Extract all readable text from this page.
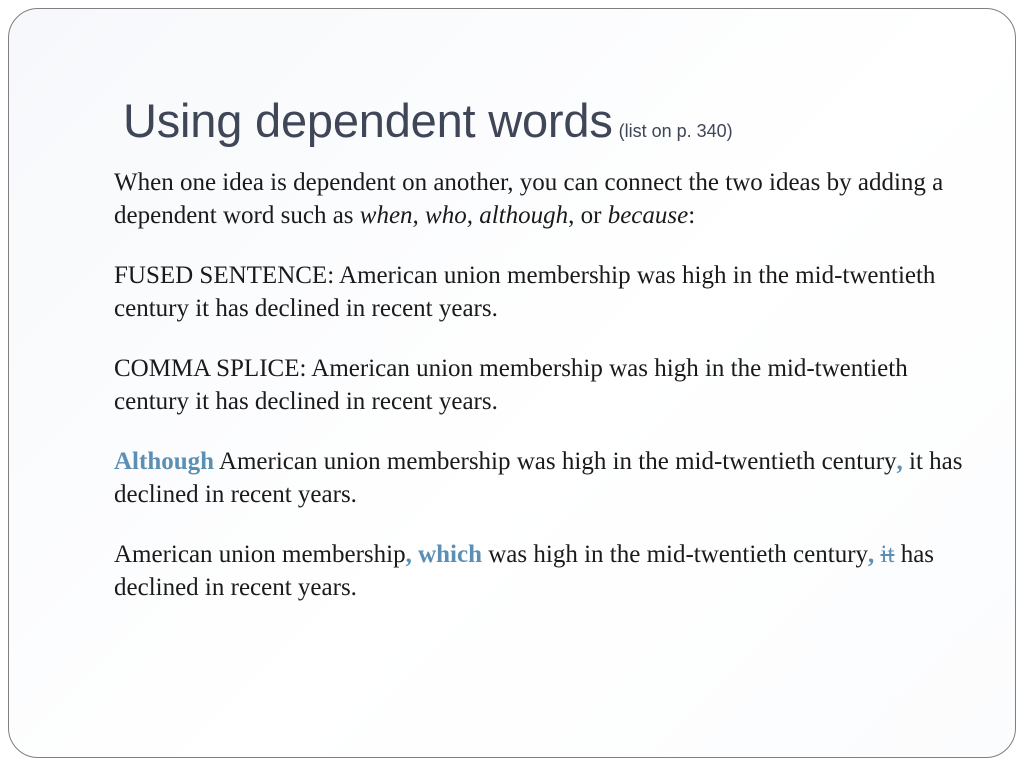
Using dependent words (list on p. 340)

When one idea is dependent on another, you can connect the two ideas by adding a dependent word such as when, who, although, or because:

FUSED SENTENCE: American union membership was high in the mid-twentieth century it has declined in recent years.

COMMA SPLICE: American union membership was high in the mid-twentieth century it has declined in recent years.

Although American union membership was high in the mid-twentieth century, it has declined in recent years.

American union membership, which was high in the mid-twentieth century, it has declined in recent years.
